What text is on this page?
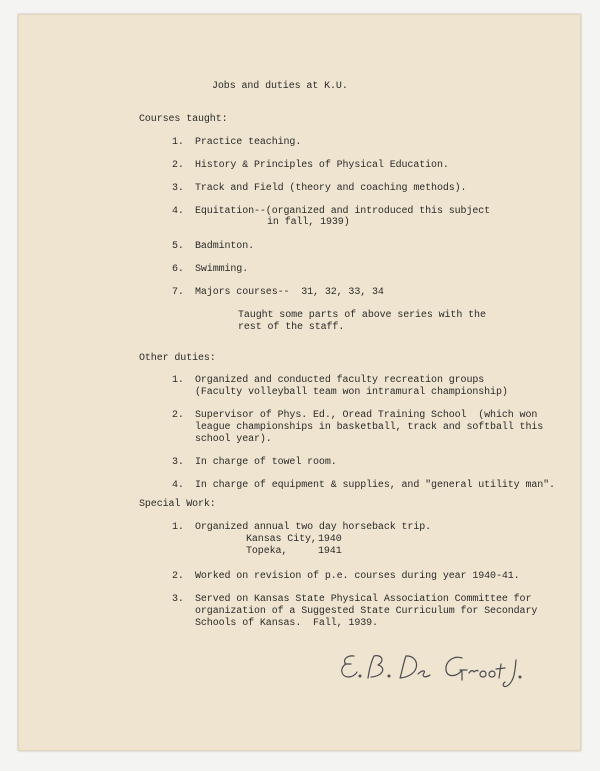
Jobs and duties at K.U.
Courses taught:
1. Practice teaching.
2. History & Principles of Physical Education.
3. Track and Field (theory and coaching methods).
4. Equitation--(organized and introduced this subject
in fall, 1939)
5. Badminton.
6. Swimming.
7. Majors courses--  31, 32, 33, 34
Taught some parts of above series with the
rest of the staff.
Other duties:
1. Organized and conducted faculty recreation groups
(Faculty volleyball team won intramural championship)
2. Supervisor of Phys. Ed., Oread Training School  (which won
league championships in basketball, track and softball this
school year).
3. In charge of towel room.
4. In charge of equipment & supplies, and "general utility man".
Special Work:
1. Organized annual two day horseback trip.
Kansas City, 1940
Topeka,	1941
2. Worked on revision of p.e. courses during year 1940-41.
3. Served on Kansas State Physical Association Committee for
organization of a Suggested State Curriculum for Secondary
Schools of Kansas.  Fall, 1939.
